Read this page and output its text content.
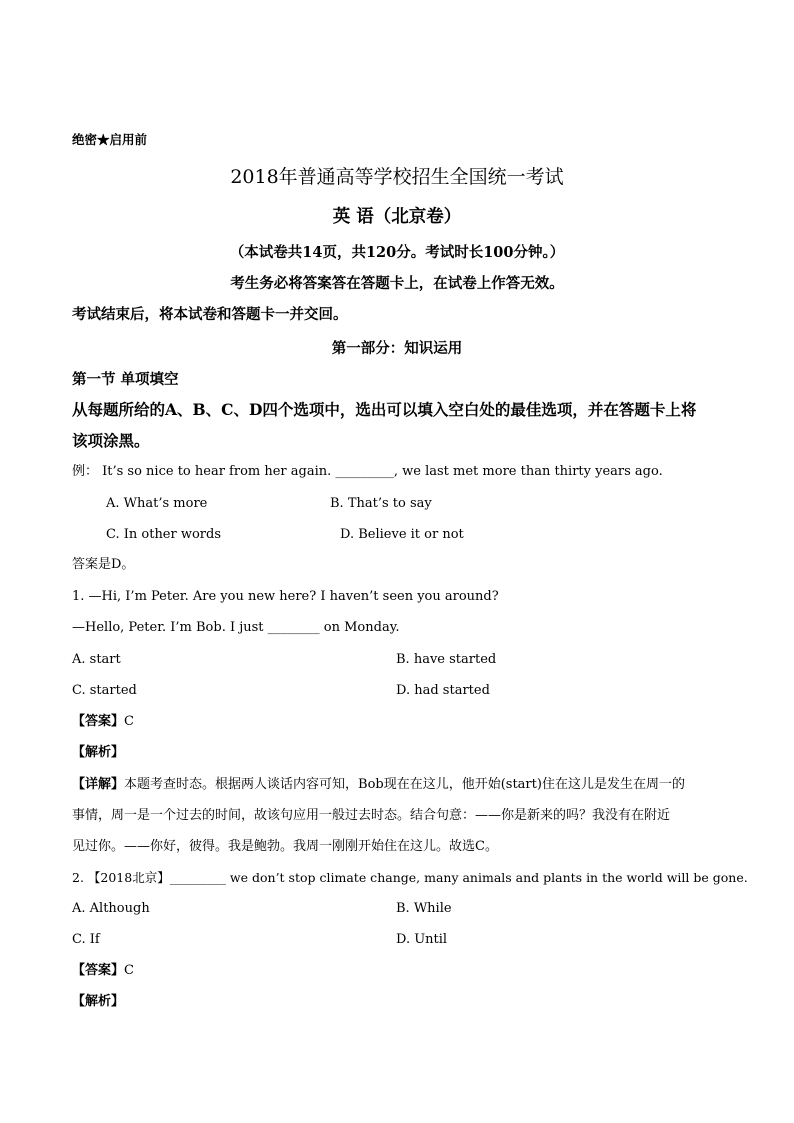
绝密★启用前
2018年普通高等学校招生全国统一考试
英 语（北京卷）
（本试卷共14页，共120分。考试时长100分钟。）
考生务必将答案答在答题卡上，在试卷上作答无效。
考试结束后，将本试卷和答题卡一并交回。
第一部分：知识运用
第一节 单项填空
从每题所给的A、B、C、D四个选项中，选出可以填入空白处的最佳选项，并在答题卡上将
该项涂黑。
例： It’s so nice to hear from her again. _________, we last met more than thirty years ago.
A. What’s more	B. That’s to say
C. In other words	D. Believe it or not
答案是D。
1. —Hi, I’m Peter. Are you new here? I haven’t seen you around?
—Hello, Peter. I’m Bob. I just ________ on Monday.
A. start	B. have started
C. started	D. had started
【答案】C
【解析】
【详解】本题考查时态。根据两人谈话内容可知，Bob现在在这儿，他开始(start)住在这儿是发生在周一的
事情，周一是一个过去的时间，故该句应用一般过去时态。结合句意：——你是新来的吗？我没有在附近
见过你。——你好，彼得。我是鲍勃。我周一刚刚开始住在这儿。故选C。
2. 【2018北京】_________ we don’t stop climate change, many animals and plants in the world will be gone.
A. Although	B. While
C. If	D. Until
【答案】C
【解析】
